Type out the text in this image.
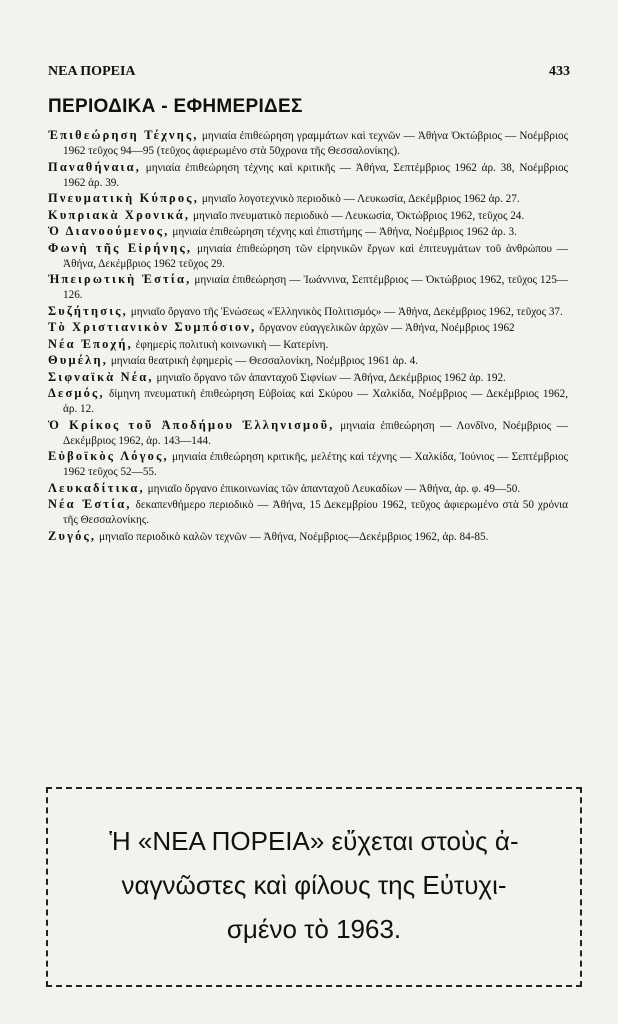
ΝΕΑ ΠΟΡΕΙΑ	433
ΠΕΡΙΟΔΙΚΑ - ΕΦΗΜΕΡΙΔΕΣ

Ἐπιθεώρηση Τέχνης, μηνιαία ἐπιθεώρηση γραμμάτων καὶ τεχνῶν — Ἀθήνα Ὀκτώβριος — Νοέμβριος 1962 τεῦχος 94—95 (τεῦχος ἀφιερωμένο στὰ 50χρονα τῆς Θεσσαλονίκης).

Παναθήναια, μηνιαία ἐπιθεώρηση τέχνης καὶ κριτικῆς — Ἀθήνα, Σεπτέμβριος 1962 ἀρ. 38, Νοέμβριος 1962 ἀρ. 39.

Πνευματικὴ Κύπρος, μηνιαῖο λογοτεχνικὸ περιοδικὸ — Λευκωσία, Δεκέμβριος 1962 ἀρ. 27.

Κυπριακὰ Χρονικά, μηνιαῖο πνευματικὸ περιοδικὸ — Λευκωσία, Ὀκτώβριος 1962, τεῦχος 24.

Ὁ Διανοούμενος, μηνιαία ἐπιθεώρηση τέχνης καὶ ἐπιστήμης — Ἀθήνα, Νοέμβριος 1962 ἀρ. 3.

Φωνὴ τῆς Εἰρήνης, μηνιαία ἐπιθεώρηση τῶν εἰρηνικῶν ἔργων καὶ ἐπιτευγμάτων τοῦ ἀνθρώπου — Ἀθήνα, Δεκέμβριος 1962 τεῦχος 29.

Ἠπειρωτικὴ Ἑστία, μηνιαία ἐπιθεώρηση — Ἰωάννινα, Σεπτέμβριος — Ὀκτώβριος 1962, τεῦχος 125—126.

Συζήτησις, μηνιαῖο ὄργανο τῆς Ἑνώσεως «Ἑλληνικὸς Πολιτισμός» — Ἀθήνα, Δεκέμβριος 1962, τεῦχος 37.

Τὸ Χριστιανικὸν Συμπόσιον, ὄργανον εὐαγγελικῶν ἀρχῶν — Ἀθήνα, Νοέμβριος 1962

Νέα Ἐποχή, ἐφημερὶς πολιτικὴ κοινωνικὴ — Κατερίνη.

Θυμέλη, μηνιαία θεατρικὴ ἐφημερὶς — Θεσσαλονίκη, Νοέμβριος 1961 ἀρ. 4.

Σιφναϊκὰ Νέα, μηνιαῖο ὄργανο τῶν ἁπανταχοῦ Σιφνίων — Ἀθήνα, Δεκέμβριος 1962 ἀρ. 192.

Δεσμός, δίμηνη πνευματικὴ ἐπιθεώρηση Εὐβοίας καὶ Σκύρου — Χαλκίδα, Νοέμβριος — Δεκέμβριος 1962, ἀρ. 12.

Ὁ Κρίκος τοῦ Ἀποδήμου Ἑλληνισμοῦ, μηνιαία ἐπιθεώρηση — Λονδῖνο, Νοέμβριος — Δεκέμβριος 1962, ἀρ. 143—144.

Εὐβοϊκὸς Λόγος, μηνιαία ἐπιθεώρηση κριτικῆς, μελέτης καὶ τέχνης — Χαλκίδα, Ἰούνιος — Σεπτέμβριος 1962 τεῦχος 52—55.

Λευκαδίτικα, μηνιαῖο ὄργανο ἐπικοινωνίας τῶν ἁπανταχοῦ Λευκαδίων — Ἀθήνα, ἀρ. φ. 49—50.

Νέα Ἑστία, δεκαπενθήμερο περιοδικὸ — Ἀθήνα, 15 Δεκεμβρίου 1962, τεῦχος ἀφιερωμένο στὰ 50 χρόνια τῆς Θεσσαλονίκης.

Ζυγός, μηνιαῖο περιοδικὸ καλῶν τεχνῶν — Ἀθήνα, Νοέμβριος—Δεκέμβριος 1962, ἀρ. 84-85.

Ἡ «ΝΕΑ ΠΟΡΕΙΑ» εὔχεται στοὺς ἀ-
ναγνῶστες καὶ φίλους της Εὐτυχι-
σμένο τὸ 1963.
